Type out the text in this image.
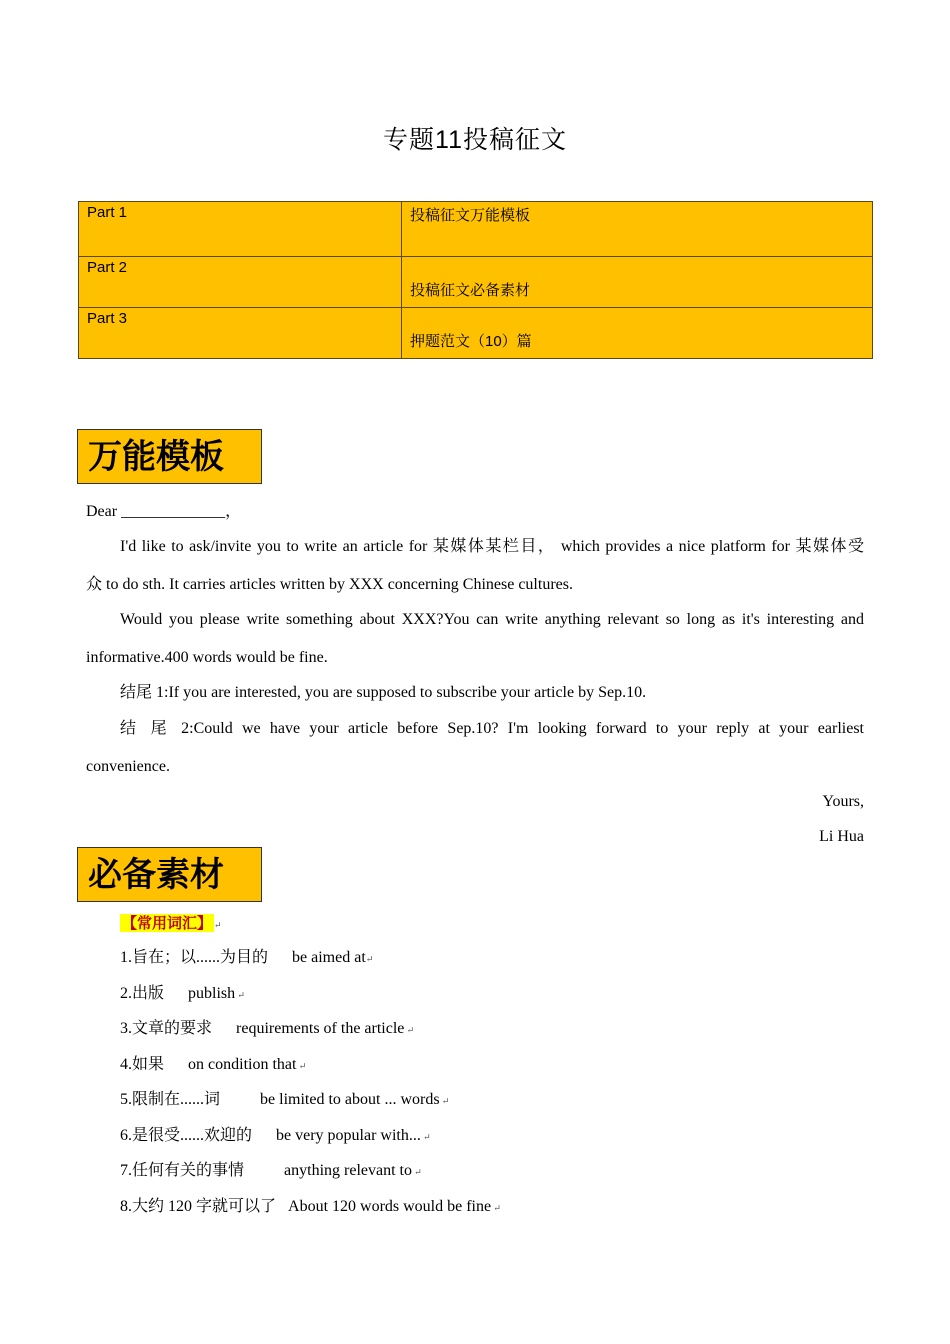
专题11投稿征文
Part 1	投稿征文万能模板
Part 2	投稿征文必备素材

Part 3	押题范文（10）篇
万能模板
Dear _____________，
I'd like to ask/invite you to write an article for 某媒体某栏目， which provides a nice platform for 某媒体受
众 to do sth. It carries articles written by XXX concerning Chinese cultures.
Would you please write something about XXX?You can write anything relevant so long as it's interesting and
informative.400 words would be fine.
结尾 1:If you are interested, you are supposed to subscribe your article by Sep.10.
结 尾 2:Could we have your article before Sep.10? I'm looking forward to your reply at your earliest
convenience.
Yours,
Li Hua
必备素材
【常用词汇】 ↵
1.旨在；以......为目的 be aimed at↵
2.出版 publish ↵
3.文章的要求 requirements of the article ↵
4.如果 on condition that ↵
5.限制在......词	be limited to about ... words ↵
6.是很受......欢迎的 be very popular with... ↵
7.任何有关的事情	anything relevant to ↵
8.大约 120 字就可以了 About 120 words would be fine ↵
